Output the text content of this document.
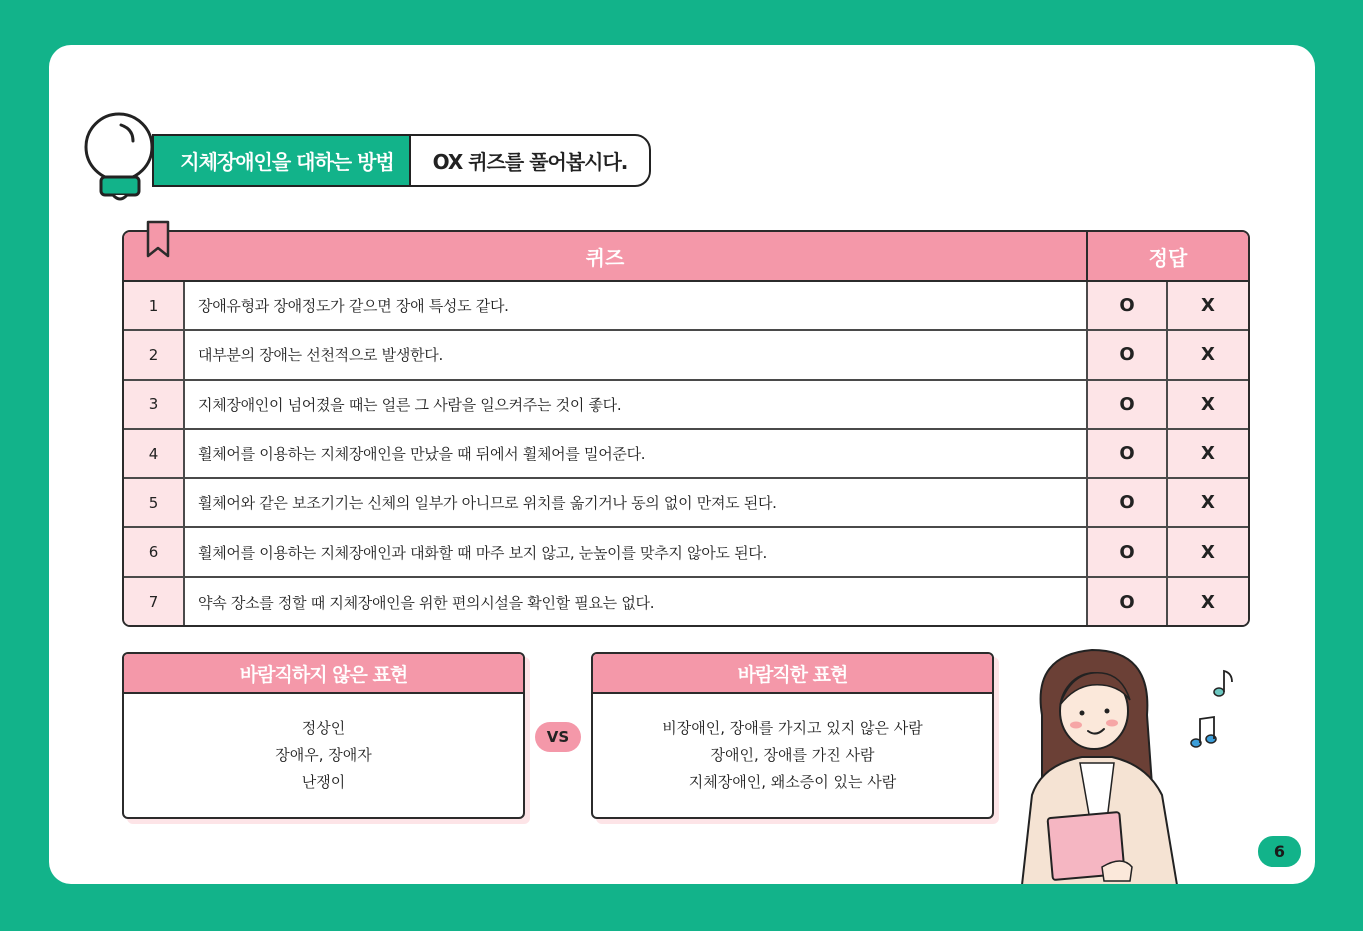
지체장애인을 대하는 방법	OX 퀴즈를 풀어봅시다.
퀴즈	정답
1	장애유형과 장애정도가 같으면 장애 특성도 같다.	O	X
2	대부분의 장애는 선천적으로 발생한다.	O	X
3	지체장애인이 넘어졌을 때는 얼른 그 사람을 일으켜주는 것이 좋다.	O	X
4	휠체어를 이용하는 지체장애인을 만났을 때 뒤에서 휠체어를 밀어준다.	O	X
5	휠체어와 같은 보조기기는 신체의 일부가 아니므로 위치를 옮기거나 동의 없이 만져도 된다.	O	X
6	휠체어를 이용하는 지체장애인과 대화할 때 마주 보지 않고, 눈높이를 맞추지 않아도 된다.	O	X
7	약속 장소를 정할 때 지체장애인을 위한 편의시설을 확인할 필요는 없다.	O	X
바람직하지 않은 표현
정상인
장애우, 장애자
난쟁이
VS
바람직한 표현
비장애인, 장애를 가지고 있지 않은 사람
장애인, 장애를 가진 사람
지체장애인, 왜소증이 있는 사람
6
